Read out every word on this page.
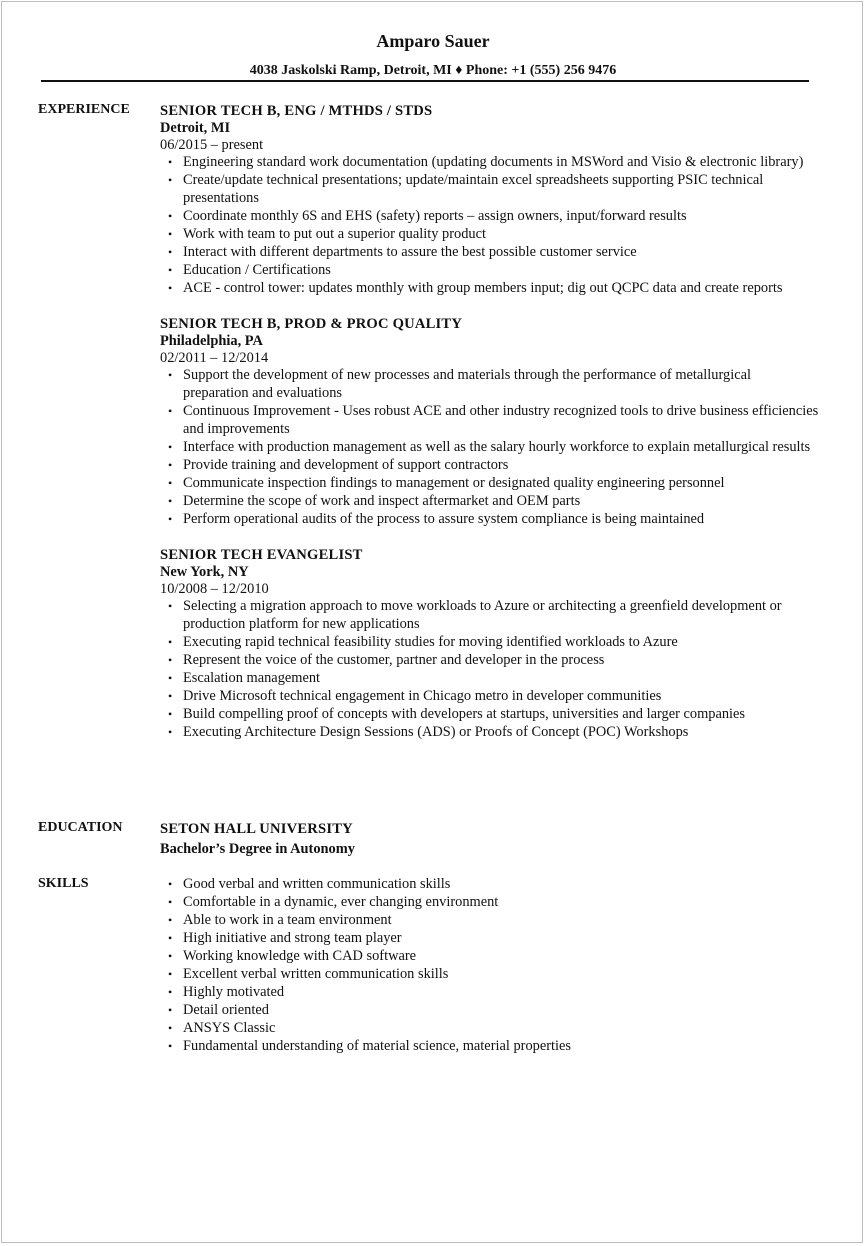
Amparo Sauer
4038 Jaskolski Ramp, Detroit, MI ♦ Phone: +1 (555) 256 9476
EXPERIENCE SENIOR TECH B, ENG / MTHDS / STDS
Detroit, MI
06/2015 – present
• Engineering standard work documentation (updating documents in MSWord and Visio & electronic library)
• Create/update technical presentations; update/maintain excel spreadsheets supporting PSIC technical presentations
• Coordinate monthly 6S and EHS (safety) reports – assign owners, input/forward results
• Work with team to put out a superior quality product
• Interact with different departments to assure the best possible customer service
• Education / Certifications
• ACE - control tower: updates monthly with group members input; dig out QCPC data and create reports
SENIOR TECH B, PROD & PROC QUALITY
Philadelphia, PA
02/2011 – 12/2014
• Support the development of new processes and materials through the performance of metallurgical preparation and evaluations
• Continuous Improvement - Uses robust ACE and other industry recognized tools to drive business efficiencies and improvements
• Interface with production management as well as the salary hourly workforce to explain metallurgical results
• Provide training and development of support contractors
• Communicate inspection findings to management or designated quality engineering personnel
• Determine the scope of work and inspect aftermarket and OEM parts
• Perform operational audits of the process to assure system compliance is being maintained
SENIOR TECH EVANGELIST
New York, NY
10/2008 – 12/2010
• Selecting a migration approach to move workloads to Azure or architecting a greenfield development or production platform for new applications
• Executing rapid technical feasibility studies for moving identified workloads to Azure
• Represent the voice of the customer, partner and developer in the process
• Escalation management
• Drive Microsoft technical engagement in Chicago metro in developer communities
• Build compelling proof of concepts with developers at startups, universities and larger companies
• Executing Architecture Design Sessions (ADS) or Proofs of Concept (POC) Workshops
EDUCATION	SETON HALL UNIVERSITY
Bachelor’s Degree in Autonomy
SKILLS
•	Good verbal and written communication skills
• Comfortable in a dynamic, ever changing environment
• Able to work in a team environment
• High initiative and strong team player
• Working knowledge with CAD software
• Excellent verbal written communication skills
• Highly motivated
• Detail oriented
• ANSYS Classic
• Fundamental understanding of material science, material properties
